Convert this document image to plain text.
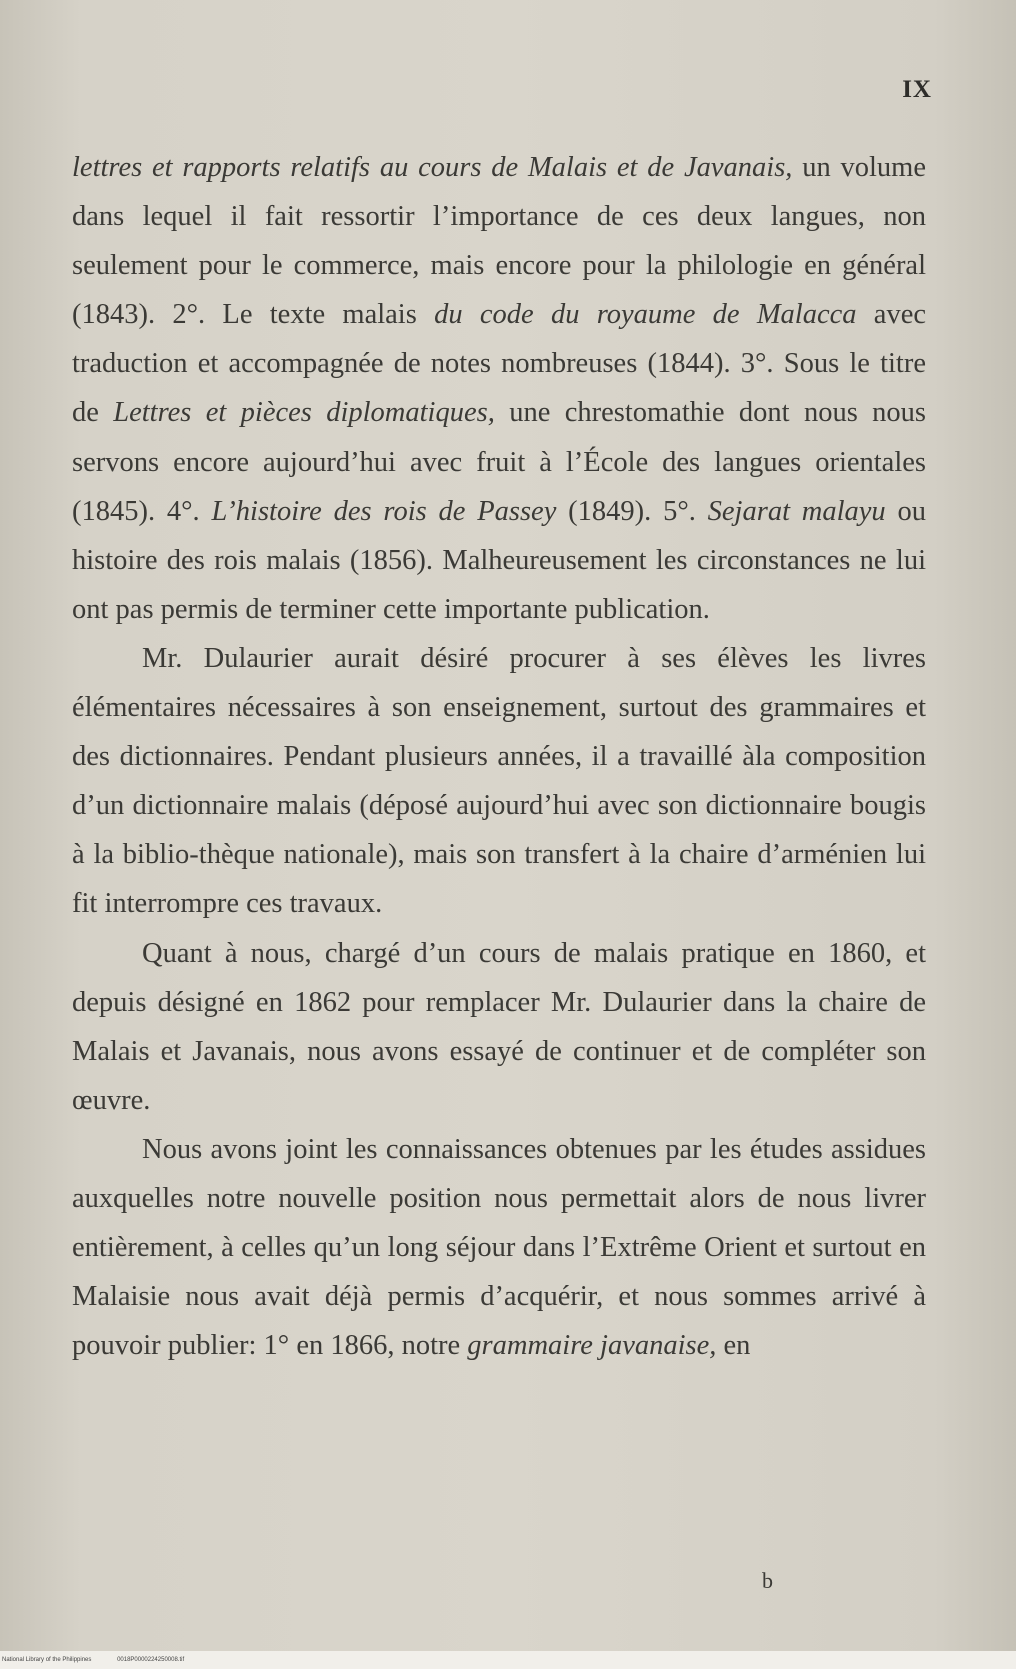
IX

lettres et rapports relatifs au cours de Malais et de Javanais, un volume dans lequel il fait ressortir l’importance de ces deux langues, non seulement pour le commerce, mais encore pour la philologie en général (1843). 2°. Le texte malais du code du royaume de Malacca avec traduction et accompagnée de notes nombreuses (1844). 3°. Sous le titre de Lettres et pièces diplomatiques, une chrestomathie dont nous nous servons encore aujourd’hui avec fruit à l’École des langues orientales (1845). 4°. L’histoire des rois de Passey (1849). 5°. Sejarat malayu ou histoire des rois malais (1856). Malheureusement les circonstances ne lui ont pas permis de terminer cette importante publication.

Mr. Dulaurier aurait désiré procurer à ses élèves les livres élémentaires nécessaires à son enseignement, surtout des grammaires et des dictionnaires. Pendant plusieurs années, il a travaillé àla composition d’un dictionnaire malais (déposé aujourd’hui avec son dictionnaire bougis à la biblio-thèque nationale), mais son transfert à la chaire d’arménien lui fit interrompre ces travaux.

Quant à nous, chargé d’un cours de malais pratique en 1860, et depuis désigné en 1862 pour remplacer Mr. Dulaurier dans la chaire de Malais et Javanais, nous avons essayé de continuer et de compléter son œuvre.

Nous avons joint les connaissances obtenues par les études assidues auxquelles notre nouvelle position nous permettait alors de nous livrer entièrement, à celles qu’un long séjour dans l’Extrême Orient et surtout en Malaisie nous avait déjà permis d’acquérir, et nous sommes arrivé à pouvoir publier: 1° en 1866, notre grammaire javanaise, en

b
National Library of the Philippines	0018P0000224250008.tif
